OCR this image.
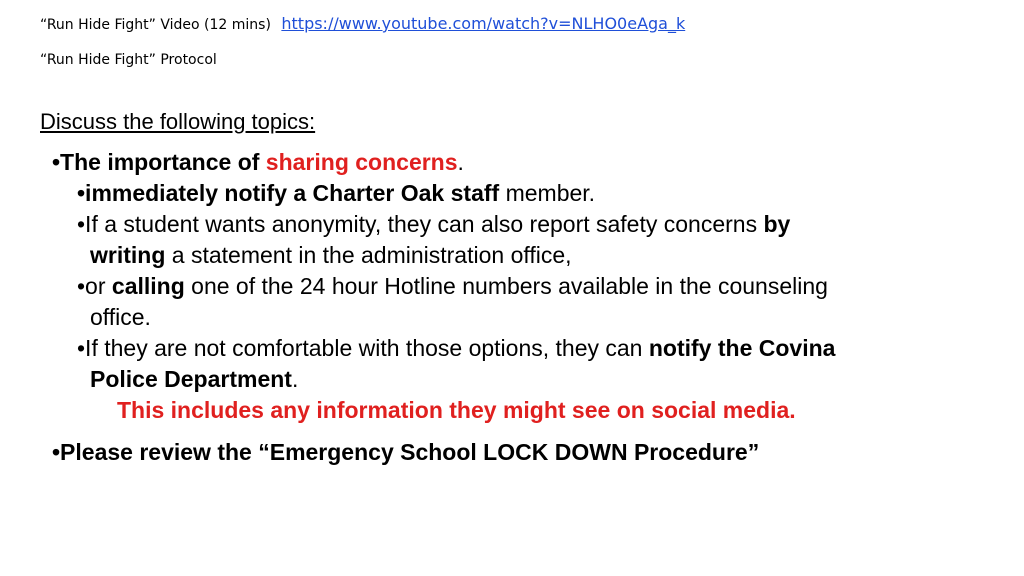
“Run Hide Fight” Video (12 mins) https://www.youtube.com/watch?v=NLHO0eAga_k
“Run Hide Fight” Protocol
Discuss the following topics:
•The importance of sharing concerns.
•immediately notify a Charter Oak staff member.
•If a student wants anonymity, they can also report safety concerns by
writing a statement in the administration office,
•or calling one of the 24 hour Hotline numbers available in the counseling
office.
•If they are not comfortable with those options, they can notify the Covina
Police Department.
This includes any information they might see on social media.
•Please review the “Emergency School LOCK DOWN Procedure”
